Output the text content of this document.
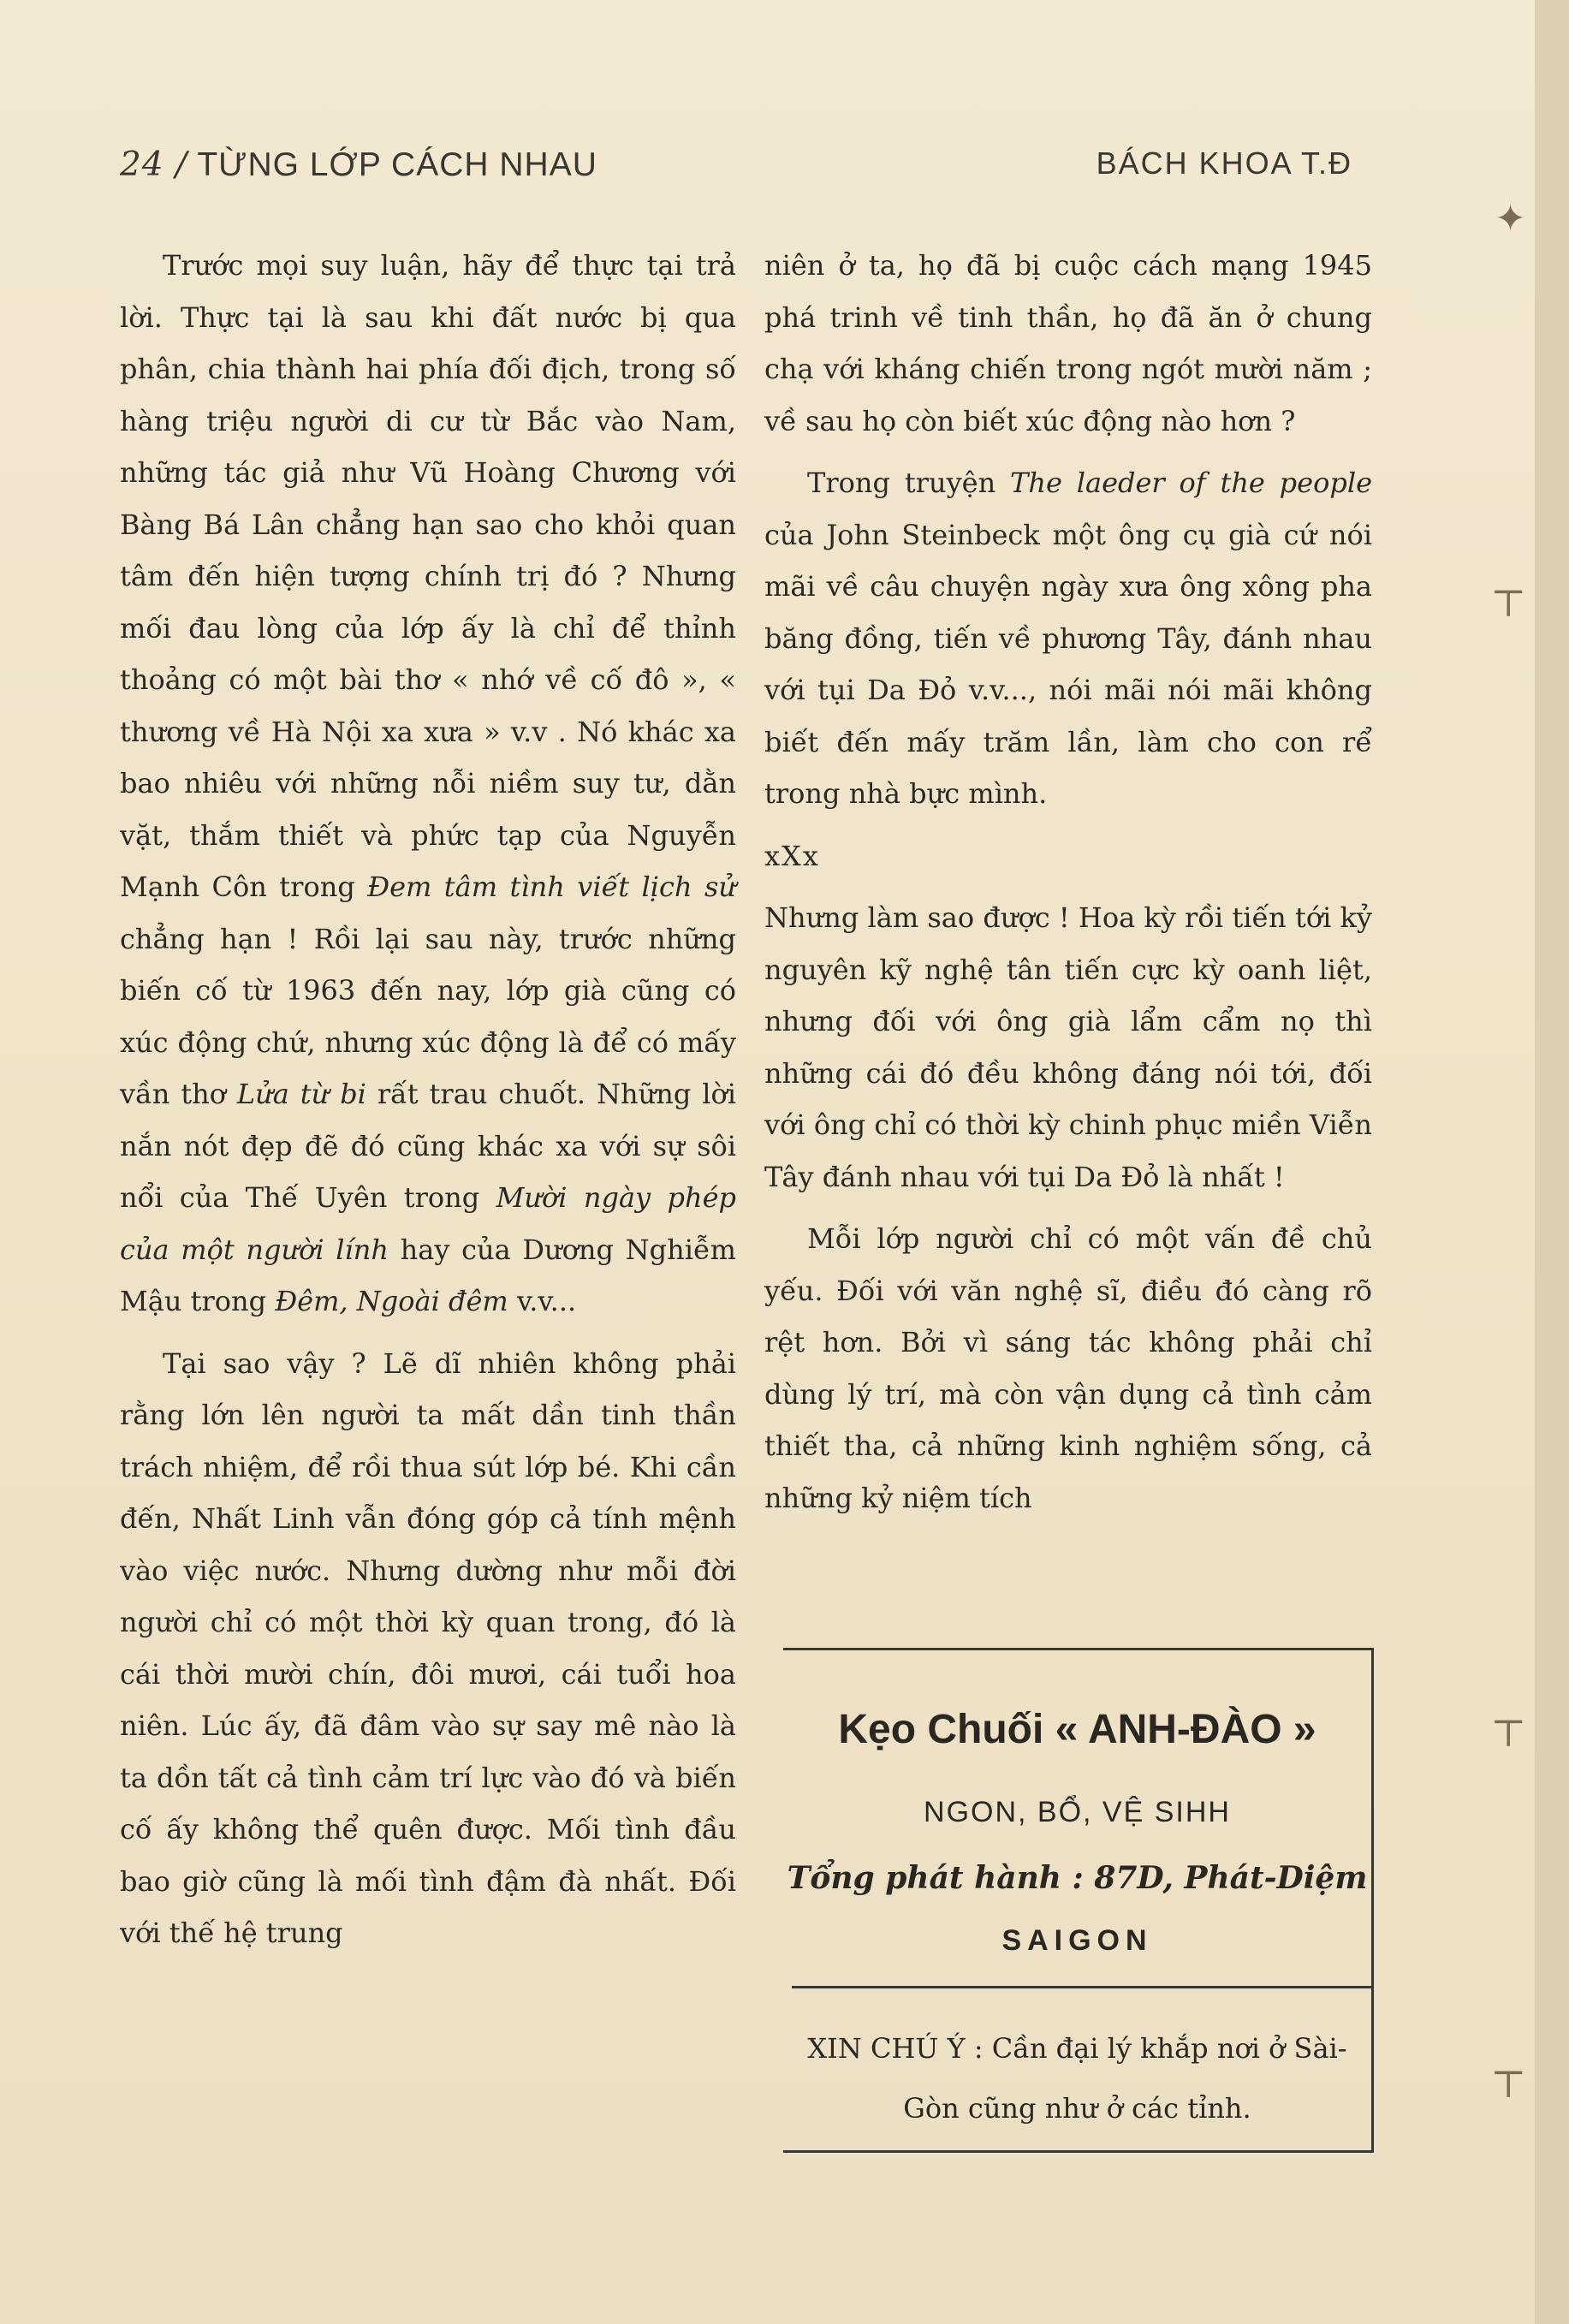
✦
⊤
⊤
⊤
24 / TỪNG LỚP CÁCH NHAU	BÁCH KHOA T.Đ

Trước mọi suy luận, hãy để thực tại trả lời. Thực tại là sau khi đất nước bị qua phân, chia thành hai phía đối địch, trong số hàng triệu người di cư từ Bắc vào Nam, những tác giả như Vũ Hoàng Chương với Bàng Bá Lân chẳng hạn sao cho khỏi quan tâm đến hiện tượng chính trị đó ? Nhưng mối đau lòng của lớp ấy là chỉ để thỉnh thoảng có một bài thơ « nhớ về cố đô », « thương về Hà Nội xa xưa » v.v . Nó khác xa bao nhiêu với những nỗi niềm suy tư, dằn vặt, thắm thiết và phức tạp của Nguyễn Mạnh Côn trong Đem tâm tình viết lịch sử chẳng hạn ! Rồi lại sau này, trước những biến cố từ 1963 đến nay, lớp già cũng có xúc động chứ, nhưng xúc động là để có mấy vần thơ Lửa từ bi rất trau chuốt. Những lời nắn nót đẹp đẽ đó cũng khác xa với sự sôi nổi của Thế Uyên trong Mười ngày phép của một người lính hay của Dương Nghiễm Mậu trong Đêm, Ngoài đêm v.v...

Tại sao vậy ? Lẽ dĩ nhiên không phải rằng lớn lên người ta mất dần tinh thần trách nhiệm, để rồi thua sút lớp bé. Khi cần đến, Nhất Linh vẫn đóng góp cả tính mệnh vào việc nước. Nhưng dường như mỗi đời người chỉ có một thời kỳ quan trong, đó là cái thời mười chín, đôi mươi, cái tuổi hoa niên. Lúc ấy, đã đâm vào sự say mê nào là ta dồn tất cả tình cảm trí lực vào đó và biến cố ấy không thể quên được. Mối tình đầu bao giờ cũng là mối tình đậm đà nhất. Đối với thế hệ trung

niên ở ta, họ đã bị cuộc cách mạng 1945 phá trinh về tinh thần, họ đã ăn ở chung chạ với kháng chiến trong ngót mười năm ; về sau họ còn biết xúc động nào hơn ?

Trong truyện The laeder of the people của John Steinbeck một ông cụ già cứ nói mãi về câu chuyện ngày xưa ông xông pha băng đồng, tiến về phương Tây, đánh nhau với tụi Da Đỏ v.v..., nói mãi nói mãi không biết đến mấy trăm lần, làm cho con rể trong nhà bực mình.

xXx

Nhưng làm sao được ! Hoa kỳ rồi tiến tới kỷ nguyên kỹ nghệ tân tiến cực kỳ oanh liệt, nhưng đối với ông già lẩm cẩm nọ thì những cái đó đều không đáng nói tới, đối với ông chỉ có thời kỳ chinh phục miền Viễn Tây đánh nhau với tụi Da Đỏ là nhất !

Mỗi lớp người chỉ có một vấn đề chủ yếu. Đối với văn nghệ sĩ, điều đó càng rõ rệt hơn. Bởi vì sáng tác không phải chỉ dùng lý trí, mà còn vận dụng cả tình cảm thiết tha, cả những kinh nghiệm sống, cả những kỷ niệm tích

Kẹo Chuối « ANH-ĐÀO »
NGON, BỔ, VỆ SIHH
Tổng phát hành : 87D, Phát-Diệm
SAIGON
XIN CHÚ Ý : Cần đại lý khắp nơi ở Sài-Gòn cũng như ở các tỉnh.
